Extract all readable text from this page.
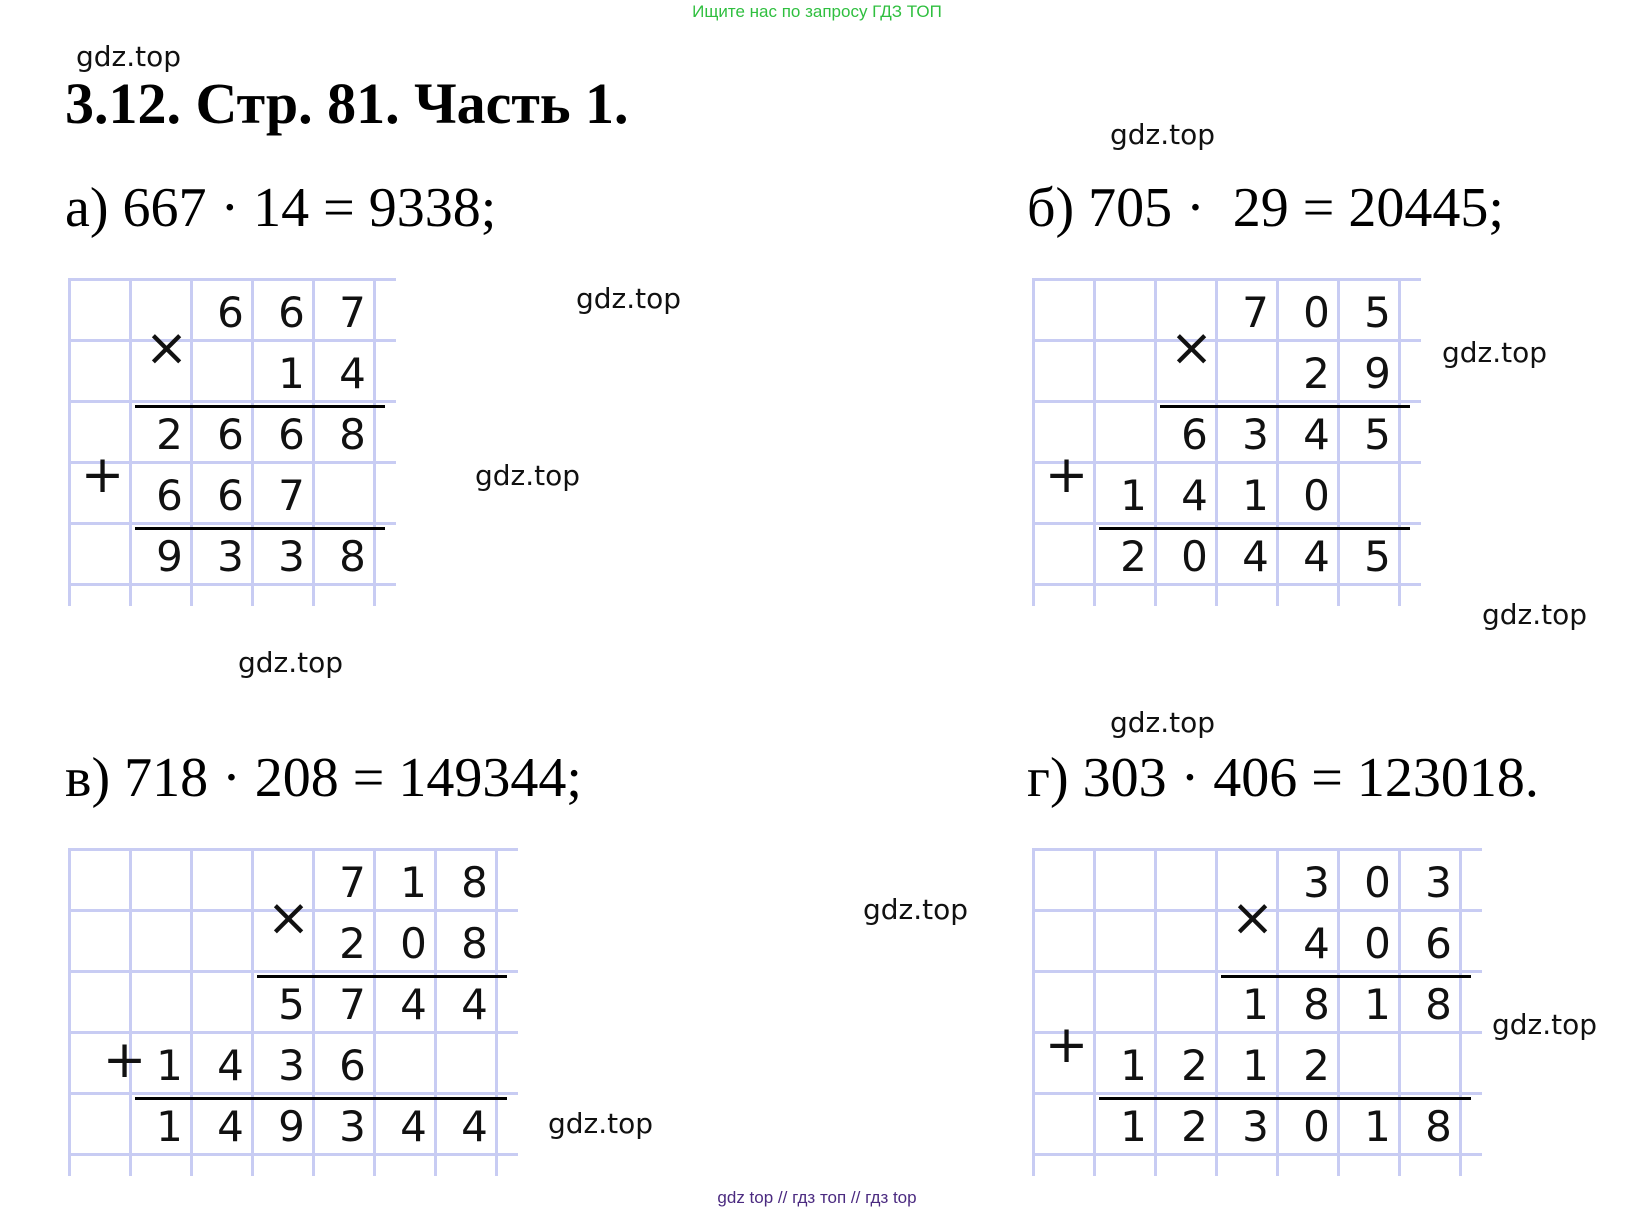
Ищите нас по запросу ГДЗ ТОП
3.12. Стр. 81. Часть 1.
gdz.top
gdz.top
gdz.top
gdz.top
gdz.top
gdz.top
gdz.top
gdz.top
gdz.top
gdz.top
gdz.top
а) 667 · 14 = 9338;	б) 705 ·  29 = 20445;
в) 718 · 208 = 149344;	г) 303 · 406 = 123018.
×
+
6 6 7
1 4
2 6 6 8
6 6 7
9 3 3 8
×
+
7 0 5
2 9
6 3 4 5
1 4 1 0
2 0 4 4 5
×
+
7 1 8
2 0 8
5 7 4 4
1 4 3 6
1 4 9 3 4 4
×
+
3 0 3
4 0 6
1 8 1 8
1 2 1 2
1 2 3 0 1 8
gdz top // гдз топ // гдз top
